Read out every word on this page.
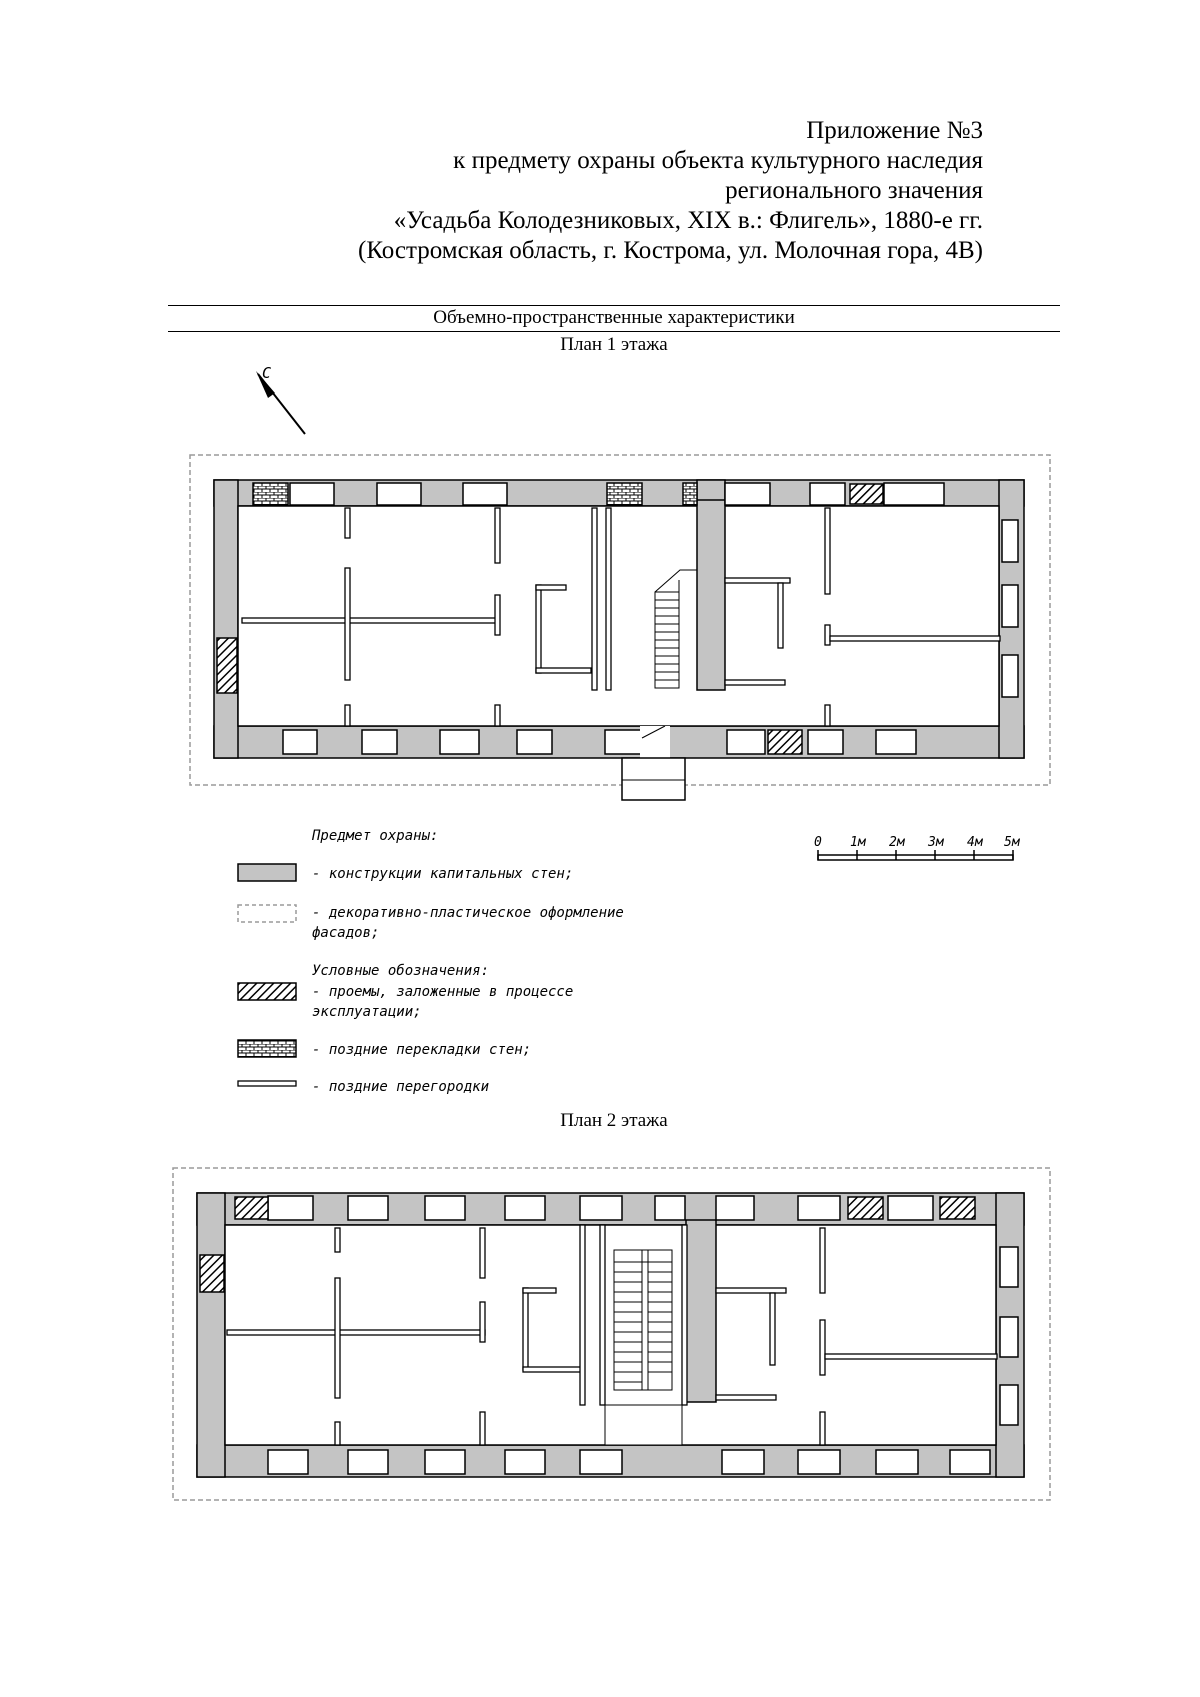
Приложение №3
к предмету охраны объекта культурного наследия
регионального значения
«Усадьба Колодезниковых, XIX в.: Флигель», 1880-е гг.
(Костромская область, г. Кострома, ул. Молочная гора, 4В)
Объемно-пространственные характеристики
План 1 этажа
С
Предмет охраны:
- конструкции капитальных стен;
- декоративно-пластическое оформление
фасадов;
Условные обозначения:
- проемы, заложенные в процессе
эксплуатации;
- поздние перекладки стен;
- поздние перегородки
0 1м 2м 3м 4м 5м
План 2 этажа
